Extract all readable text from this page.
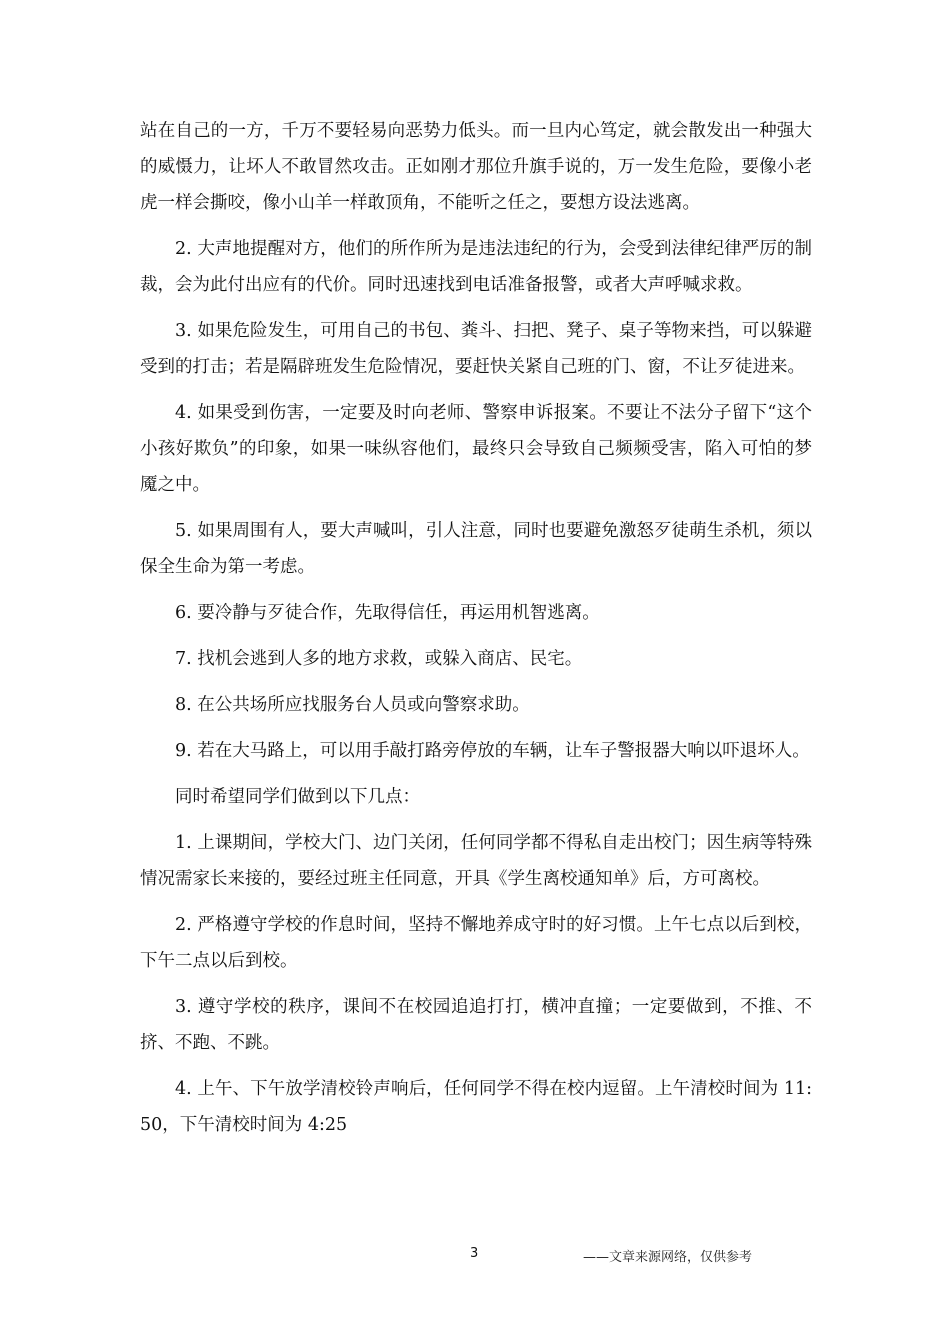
站在自己的一方，千万不要轻易向恶势力低头。而一旦内心笃定，就会散发出一种强大的威慑力，让坏人不敢冒然攻击。正如刚才那位升旗手说的，万一发生危险，要像小老虎一样会撕咬，像小山羊一样敢顶角，不能听之任之，要想方设法逃离。

2. 大声地提醒对方，他们的所作所为是违法违纪的行为，会受到法律纪律严厉的制裁，会为此付出应有的代价。同时迅速找到电话准备报警，或者大声呼喊求救。

3. 如果危险发生，可用自己的书包、粪斗、扫把、凳子、桌子等物来挡，可以躲避受到的打击；若是隔辟班发生危险情况，要赶快关紧自己班的门、窗，不让歹徒进来。

4. 如果受到伤害，一定要及时向老师、警察申诉报案。不要让不法分子留下“这个小孩好欺负”的印象，如果一味纵容他们，最终只会导致自己频频受害，陷入可怕的梦魇之中。

5. 如果周围有人，要大声喊叫，引人注意，同时也要避免激怒歹徒萌生杀机，须以保全生命为第一考虑。

6. 要冷静与歹徒合作，先取得信任，再运用机智逃离。

7. 找机会逃到人多的地方求救，或躲入商店、民宅。

8. 在公共场所应找服务台人员或向警察求助。

9. 若在大马路上，可以用手敲打路旁停放的车辆，让车子警报器大响以吓退坏人。

同时希望同学们做到以下几点：

1. 上课期间，学校大门、边门关闭，任何同学都不得私自走出校门；因生病等特殊情况需家长来接的，要经过班主任同意，开具《学生离校通知单》后，方可离校。

2. 严格遵守学校的作息时间，坚持不懈地养成守时的好习惯。上午七点以后到校，下午二点以后到校。

3. 遵守学校的秩序，课间不在校园追追打打，横冲直撞；一定要做到，不推、不挤、不跑、不跳。

4. 上午、下午放学清校铃声响后，任何同学不得在校内逗留。上午清校时间为 11:50，下午清校时间为 4:25

3	——文章来源网络，仅供参考
